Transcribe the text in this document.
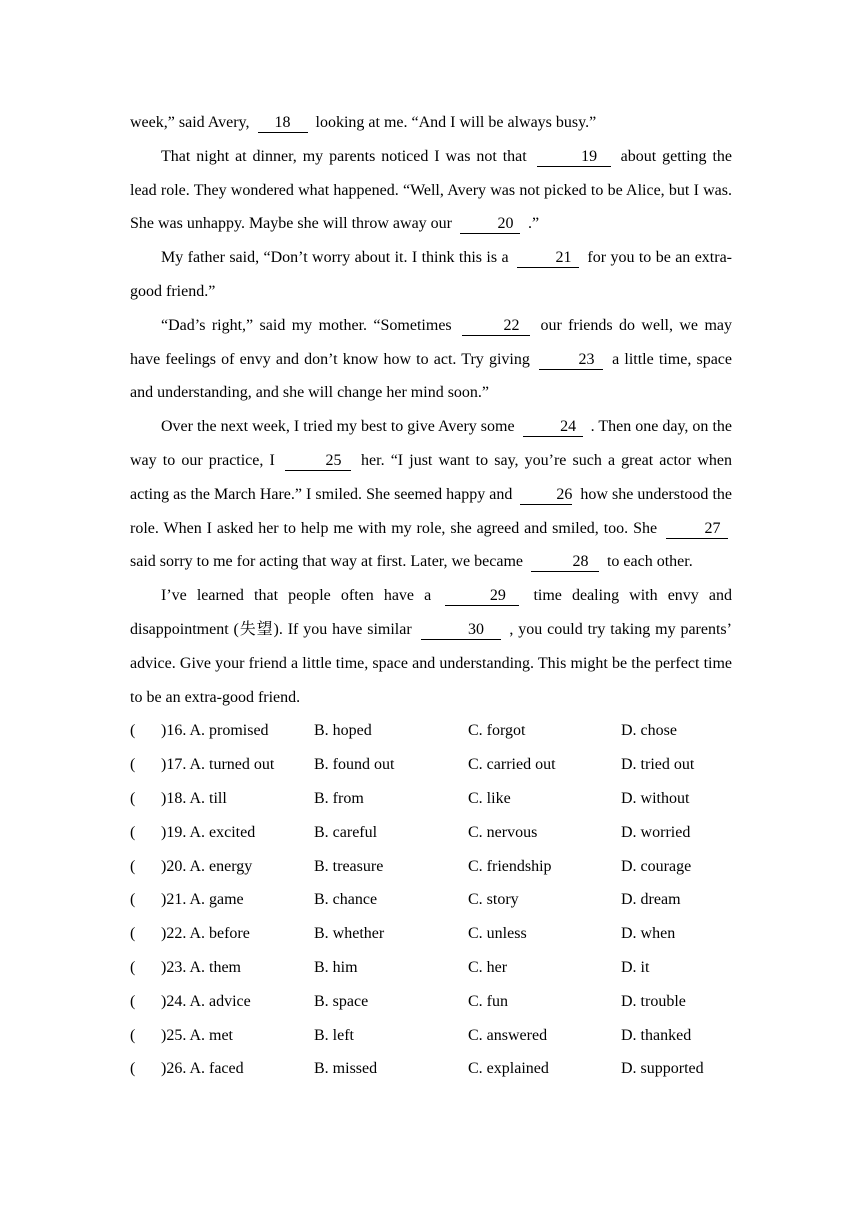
week,” said Avery, 18 looking at me. “And I will be always busy.”

That night at dinner, my parents noticed I was not that	19 about getting the lead role. They wondered what happened. “Well, Avery was not picked to be Alice, but I was. She was unhappy. Maybe she will throw away our	20 .”

My father said, “Don’t worry about it. I think this is a	21 for you to be an extra-good friend.”

“Dad’s right,” said my mother. “Sometimes	22 our friends do well, we may have feelings of envy and don’t know how to act. Try giving	23 a little time, space and understanding, and she will change her mind soon.”

Over the next week, I tried my best to give Avery some	24 . Then one day, on the way to our practice, I	25 her. “I just want to say, you’re such a great actor when acting as the March Hare.” I smiled. She seemed happy and	26 how she understood the role. When I asked her to help me with my role, she agreed and smiled, too. She	27 said sorry to me for acting that way at first. Later, we became	28 to each other.

I’ve learned that people often have a	29 time dealing with envy and disappointment (失望). If you have similar	30 , you could try taking my parents’ advice. Give your friend a little time, space and understanding. This might be the perfect time to be an extra-good friend.

(	)16. A. promised	B. hoped	C. forgot	D. chose
(	)17. A. turned out	B. found out	C. carried out	D. tried out
(	)18. A. till	B. from	C. like	D. without
(	)19. A. excited	B. careful	C. nervous	D. worried
(	)20. A. energy	B. treasure	C. friendship	D. courage
(	)21. A. game	B. chance	C. story	D. dream
(	)22. A. before	B. whether	C. unless	D. when
(	)23. A. them	B. him	C. her	D. it
(	)24. A. advice	B. space	C. fun	D. trouble
(	)25. A. met	B. left	C. answered	D. thanked
(	)26. A. faced	B. missed	C. explained	D. supported
